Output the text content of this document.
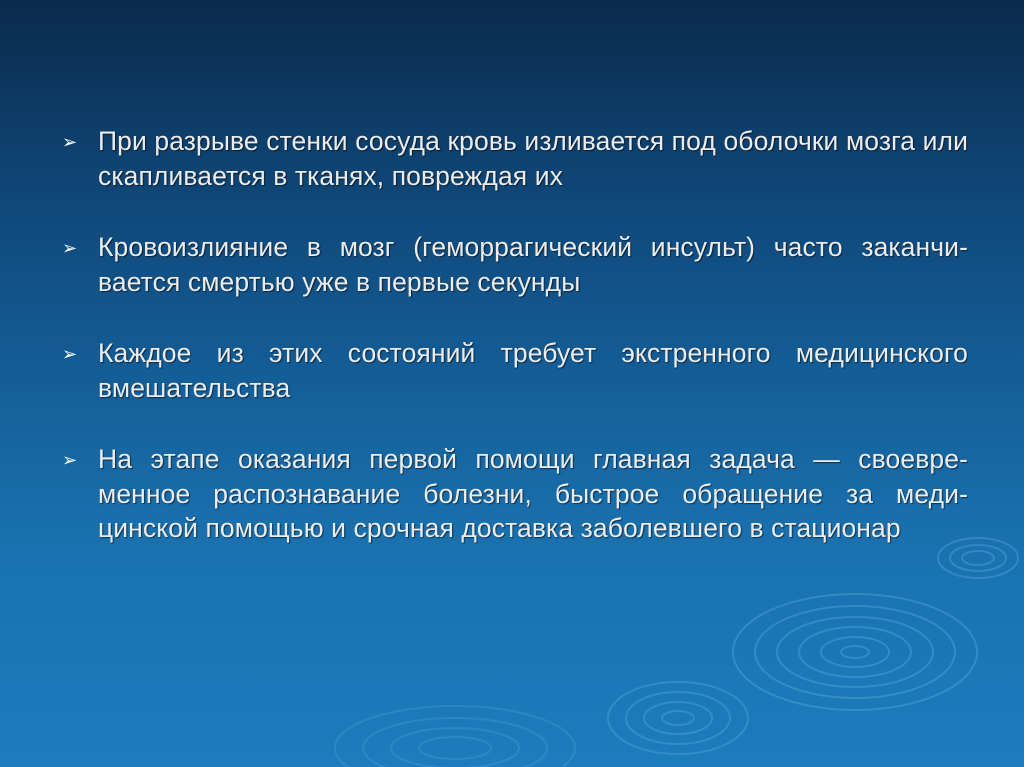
➢ При разрыве стенки сосуда кровь изливается под оболочки мозга или скапливается в тканях, повреждая их
➢ Кровоизлияние в мозг (геморрагический инсульт) часто заканчи-вается смертью уже в первые секунды
➢ Каждое из этих состояний требует экстренного медицинского вмешательства
➢ На этапе оказания первой помощи главная задача — своевре-менное распознавание болезни, быстрое обращение за меди-цинской помощью и срочная доставка заболевшего в стационар
